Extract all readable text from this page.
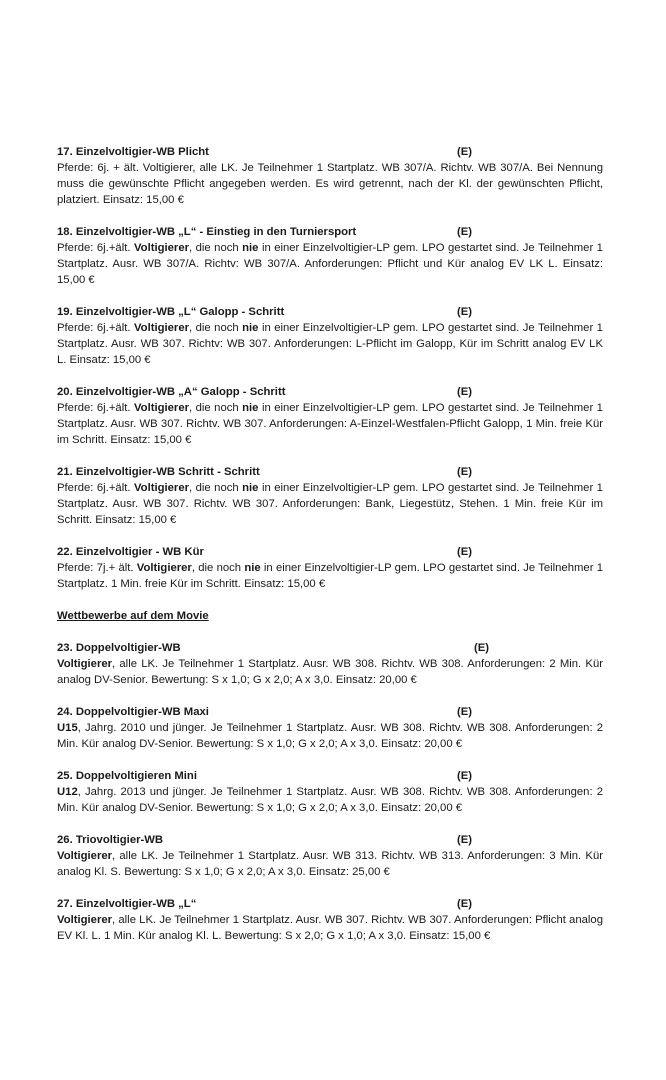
17. Einzelvoltigier-WB Plicht	(E)
Pferde: 6j. + ält. Voltigierer, alle LK. Je Teilnehmer 1 Startplatz. WB 307/A. Richtv. WB 307/A. Bei Nennung muss die gewünschte Pflicht angegeben werden. Es wird getrennt, nach der Kl. der gewünschten Pflicht, platziert. Einsatz: 15,00 €
18. Einzelvoltigier-WB „L“ - Einstieg in den Turniersport	(E)
Pferde: 6j.+ält. Voltigierer, die noch nie in einer Einzelvoltigier-LP gem. LPO gestartet sind. Je Teilnehmer 1 Startplatz. Ausr. WB 307/A. Richtv: WB 307/A. Anforderungen: Pflicht und Kür analog EV LK L. Einsatz: 15,00 €
19. Einzelvoltigier-WB „L“ Galopp - Schritt	(E)
Pferde: 6j.+ält. Voltigierer, die noch nie in einer Einzelvoltigier-LP gem. LPO gestartet sind. Je Teilnehmer 1 Startplatz. Ausr. WB 307. Richtv: WB 307. Anforderungen: L-Pflicht im Galopp, Kür im Schritt analog EV LK L. Einsatz: 15,00 €
20. Einzelvoltigier-WB „A“ Galopp - Schritt	(E)
Pferde: 6j.+ält. Voltigierer, die noch nie in einer Einzelvoltigier-LP gem. LPO gestartet sind. Je Teilnehmer 1 Startplatz. Ausr. WB 307. Richtv. WB 307. Anforderungen: A-Einzel-Westfalen-Pflicht Galopp, 1 Min. freie Kür im Schritt. Einsatz: 15,00 €
21. Einzelvoltigier-WB Schritt - Schritt	(E)
Pferde: 6j.+ält. Voltigierer, die noch nie in einer Einzelvoltigier-LP gem. LPO gestartet sind. Je Teilnehmer 1 Startplatz. Ausr. WB 307. Richtv. WB 307. Anforderungen: Bank, Liegestütz, Stehen. 1 Min. freie Kür im Schritt. Einsatz: 15,00 €
22. Einzelvoltigier - WB Kür	(E)
Pferde: 7j.+ ält. Voltigierer, die noch nie in einer Einzelvoltigier-LP gem. LPO gestartet sind. Je Teilnehmer 1 Startplatz. 1 Min. freie Kür im Schritt. Einsatz: 15,00 €
Wettbewerbe auf dem Movie
23. Doppelvoltigier-WB	(E)
Voltigierer, alle LK. Je Teilnehmer 1 Startplatz. Ausr. WB 308. Richtv. WB 308. Anforderungen: 2 Min. Kür analog DV-Senior. Bewertung: S x 1,0; G x 2,0; A x 3,0. Einsatz: 20,00 €
24. Doppelvoltigier-WB Maxi	(E)
U15, Jahrg. 2010 und jünger. Je Teilnehmer 1 Startplatz. Ausr. WB 308. Richtv. WB 308. Anforderungen: 2 Min. Kür analog DV-Senior. Bewertung: S x 1,0; G x 2,0; A x 3,0. Einsatz: 20,00 €
25. Doppelvoltigieren Mini	(E)
U12, Jahrg. 2013 und jünger. Je Teilnehmer 1 Startplatz. Ausr. WB 308. Richtv. WB 308. Anforderungen: 2 Min. Kür analog DV-Senior. Bewertung: S x 1,0; G x 2,0; A x 3,0. Einsatz: 20,00 €
26. Triovoltigier-WB	(E)
Voltigierer, alle LK. Je Teilnehmer 1 Startplatz. Ausr. WB 313. Richtv. WB 313. Anforderungen: 3 Min. Kür analog Kl. S. Bewertung: S x 1,0; G x 2,0; A x 3,0. Einsatz: 25,00 €
27. Einzelvoltigier-WB „L“	(E)
Voltigierer, alle LK. Je Teilnehmer 1 Startplatz. Ausr. WB 307. Richtv. WB 307. Anforderungen: Pflicht analog EV Kl. L. 1 Min. Kür analog Kl. L. Bewertung: S x 2,0; G x 1,0; A x 3,0. Einsatz: 15,00 €
